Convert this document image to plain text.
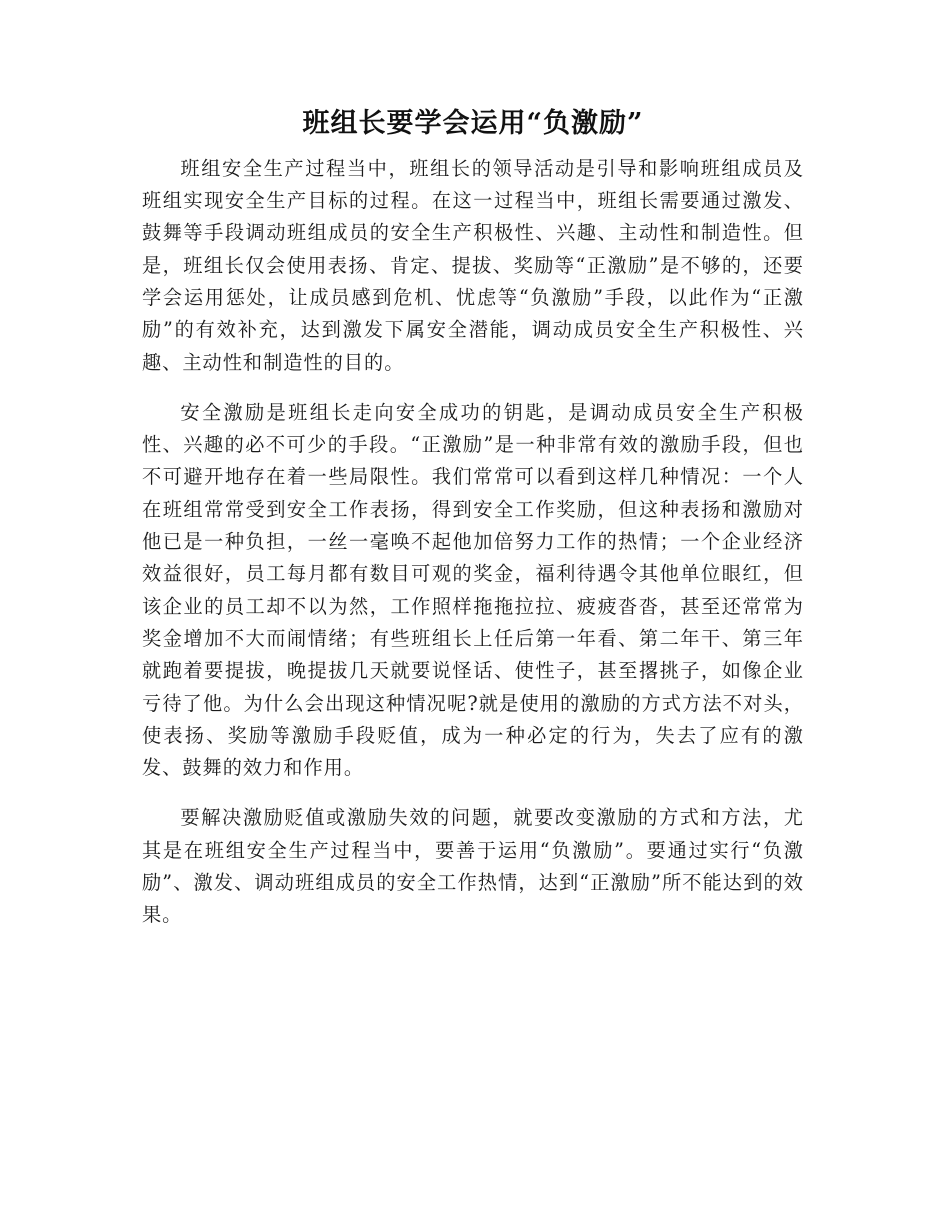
班组长要学会运用“负激励”

班组安全生产过程当中，班组长的领导活动是引导和影响班组成员及班组实现安全生产目标的过程。在这一过程当中，班组长需要通过激发、鼓舞等手段调动班组成员的安全生产积极性、兴趣、主动性和制造性。但是，班组长仅会使用表扬、肯定、提拔、奖励等“正激励”是不够的，还要学会运用惩处，让成员感到危机、忧虑等“负激励”手段，以此作为“正激励”的有效补充，达到激发下属安全潜能，调动成员安全生产积极性、兴趣、主动性和制造性的目的。

安全激励是班组长走向安全成功的钥匙，是调动成员安全生产积极性、兴趣的必不可少的手段。“正激励”是一种非常有效的激励手段，但也不可避开地存在着一些局限性。我们常常可以看到这样几种情况：一个人在班组常常受到安全工作表扬，得到安全工作奖励，但这种表扬和激励对他已是一种负担，一丝一毫唤不起他加倍努力工作的热情；一个企业经济效益很好，员工每月都有数目可观的奖金，福利待遇令其他单位眼红，但该企业的员工却不以为然，工作照样拖拖拉拉、疲疲沓沓，甚至还常常为奖金增加不大而闹情绪；有些班组长上任后第一年看、第二年干、第三年就跑着要提拔，晚提拔几天就要说怪话、使性子，甚至撂挑子，如像企业亏待了他。为什么会出现这种情况呢?就是使用的激励的方式方法不对头，使表扬、奖励等激励手段贬值，成为一种必定的行为，失去了应有的激发、鼓舞的效力和作用。

要解决激励贬值或激励失效的问题，就要改变激励的方式和方法，尤其是在班组安全生产过程当中，要善于运用“负激励”。要通过实行“负激励”、激发、调动班组成员的安全工作热情，达到“正激励”所不能达到的效果。
